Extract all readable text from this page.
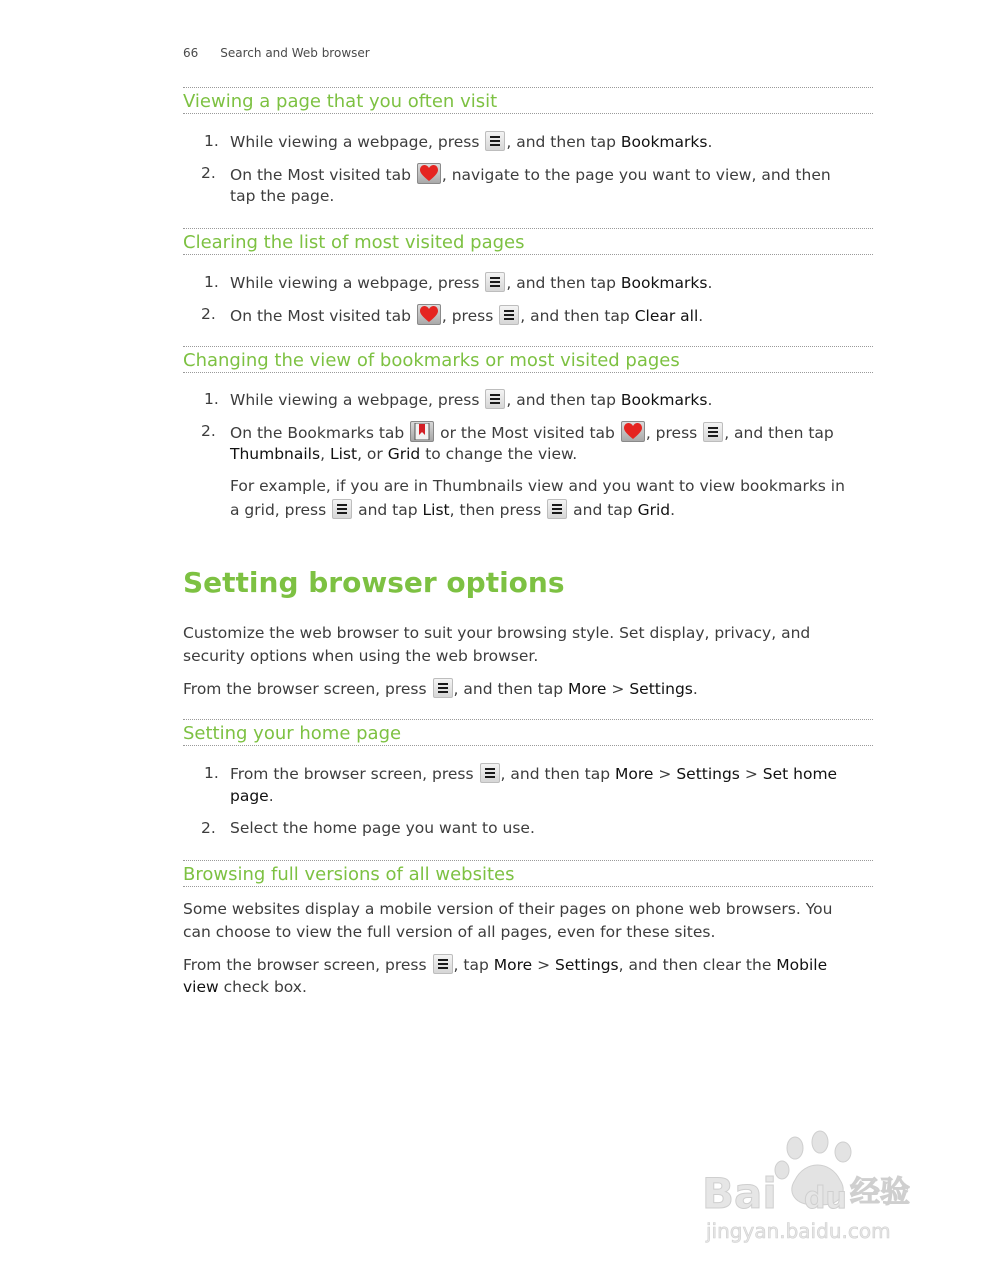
66 Search and Web browser
Viewing a page that you often visit
1. While viewing a webpage, press , and then tap Bookmarks.
2. On the Most visited tab , navigate to the page you want to view, and then
tap the page.
Clearing the list of most visited pages
1. While viewing a webpage, press , and then tap Bookmarks.
2. On the Most visited tab , press , and then tap Clear all.
Changing the view of bookmarks or most visited pages
1. While viewing a webpage, press , and then tap Bookmarks.
2. On the Bookmarks tab or the Most visited tab , press , and then tap
Thumbnails, List, or Grid to change the view.
For example, if you are in Thumbnails view and you want to view bookmarks in
a grid, press and tap List, then press and tap Grid.
Setting browser options
Customize the web browser to suit your browsing style. Set display, privacy, and
security options when using the web browser.
From the browser screen, press , and then tap More > Settings.
Setting your home page
1. From the browser screen, press , and then tap More > Settings > Set home
page.
2. Select the home page you want to use.
Browsing full versions of all websites
Some websites display a mobile version of their pages on phone web browsers. You
can choose to view the full version of all pages, even for these sites.
From the browser screen, press , tap More > Settings, and then clear the Mobile
view check box.
Bai du 经验
jingyan.baidu.com
